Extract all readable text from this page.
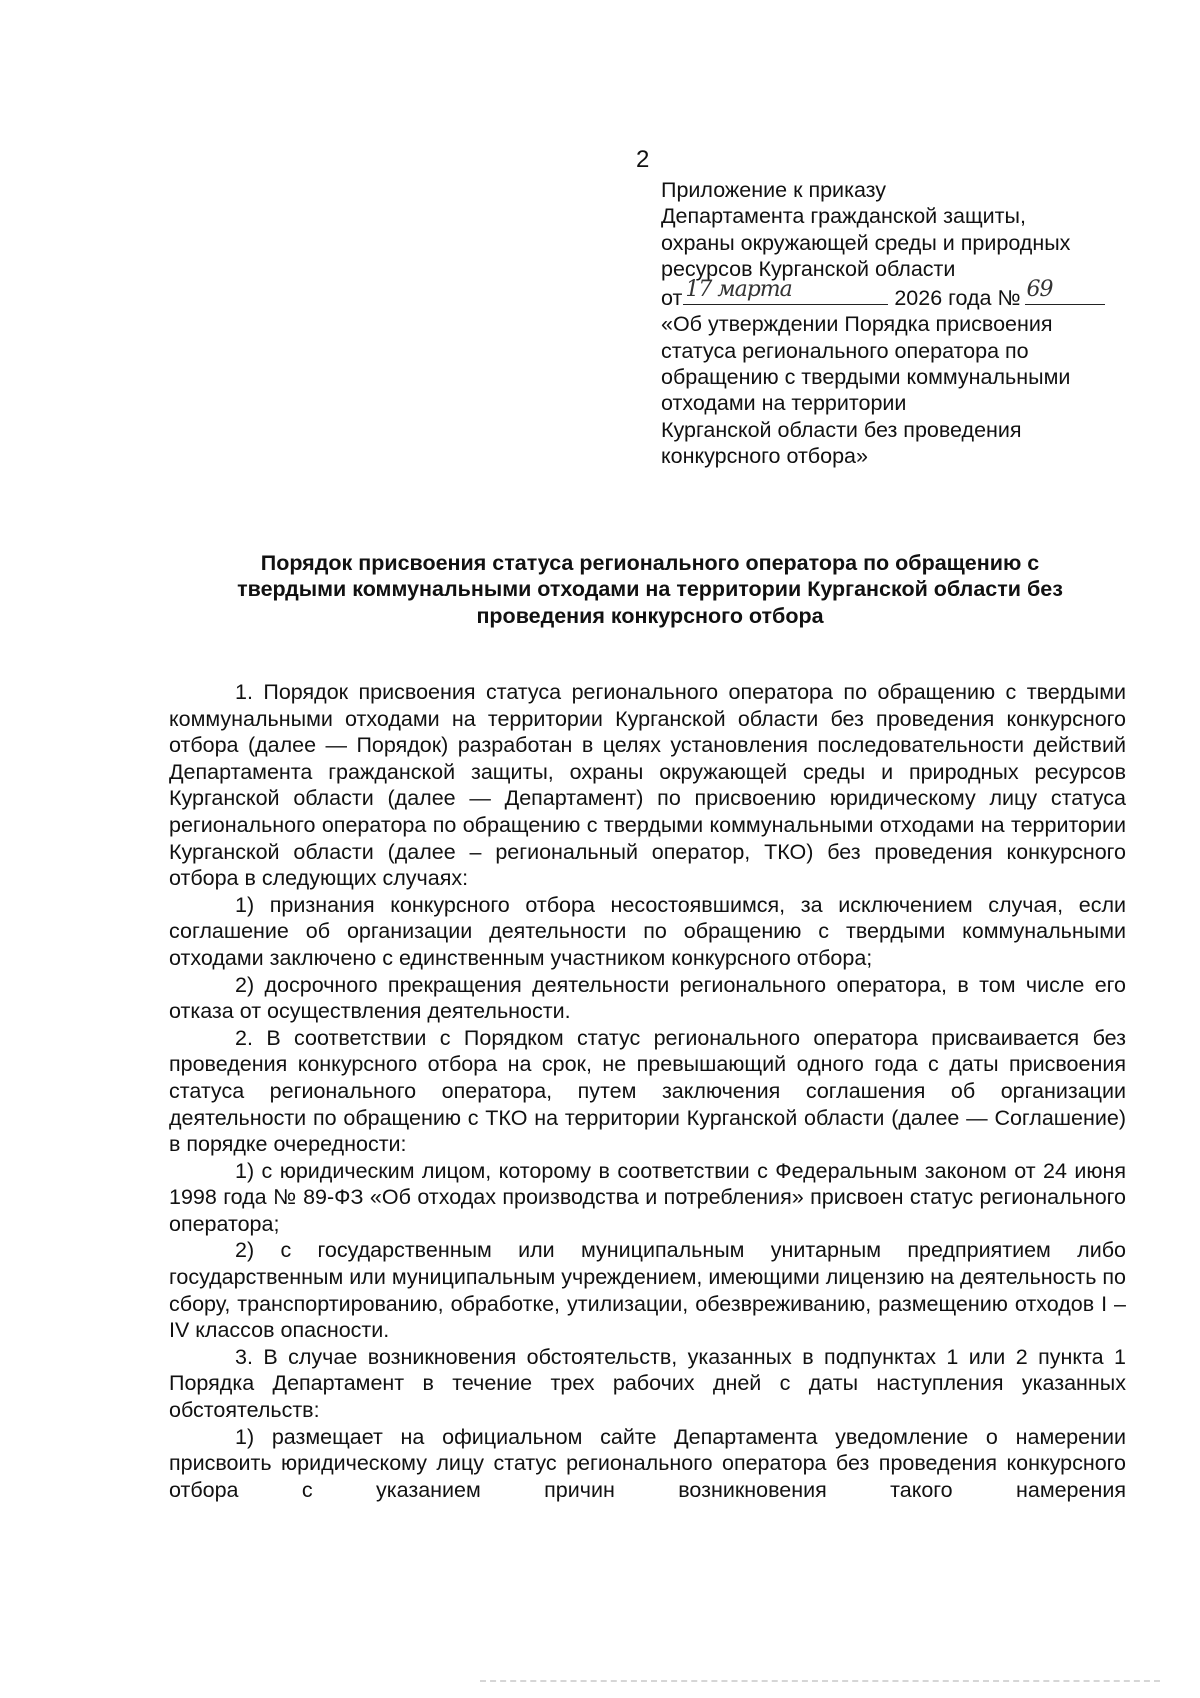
2
Приложение к приказу
Департамента гражданской защиты,
охраны окружающей среды и природных
ресурсов Курганской области
от 17 марта	2026 года № 69
«Об утверждении Порядка присвоения
статуса регионального оператора по
обращению с твердыми коммунальными
отходами на территории
Курганской области без проведения
конкурсного отбора»
Порядок присвоения статуса регионального оператора по обращению с
твердыми коммунальными отходами на территории Курганской области без
проведения конкурсного отбора

1. Порядок присвоения статуса регионального оператора по обращению с твердыми коммунальными отходами на территории Курганской области без проведения конкурсного отбора (далее — Порядок) разработан в целях установления последовательности действий Департамента гражданской защиты, охраны окружающей среды и природных ресурсов Курганской области (далее — Департамент) по присвоению юридическому лицу статуса регионального оператора по обращению с твердыми коммунальными отходами на территории Курганской области (далее – региональный оператор, ТКО) без проведения конкурсного отбора в следующих случаях:

1) признания конкурсного отбора несостоявшимся, за исключением случая, если соглашение об организации деятельности по обращению с твердыми коммунальными отходами заключено с единственным участником конкурсного отбора;

2) досрочного прекращения деятельности регионального оператора, в том числе его отказа от осуществления деятельности.

2. В соответствии с Порядком статус регионального оператора присваивается без проведения конкурсного отбора на срок, не превышающий одного года с даты присвоения статуса регионального оператора, путем заключения соглашения об организации деятельности по обращению с ТКО на территории Курганской области (далее — Соглашение) в порядке очередности:

1) с юридическим лицом, которому в соответствии с Федеральным законом от 24 июня 1998 года № 89-ФЗ «Об отходах производства и потребления» присвоен статус регионального оператора;

2) с государственным или муниципальным унитарным предприятием либо государственным или муниципальным учреждением, имеющими лицензию на деятельность по сбору, транспортированию, обработке, утилизации, обезвреживанию, размещению отходов I – IV классов опасности.

3. В случае возникновения обстоятельств, указанных в подпунктах 1 или 2 пункта 1 Порядка Департамент в течение трех рабочих дней с даты наступления указанных обстоятельств:

1) размещает на официальном сайте Департамента уведомление о намерении присвоить юридическому лицу статус регионального оператора без проведения конкурсного отбора с указанием причин возникновения такого намерения
